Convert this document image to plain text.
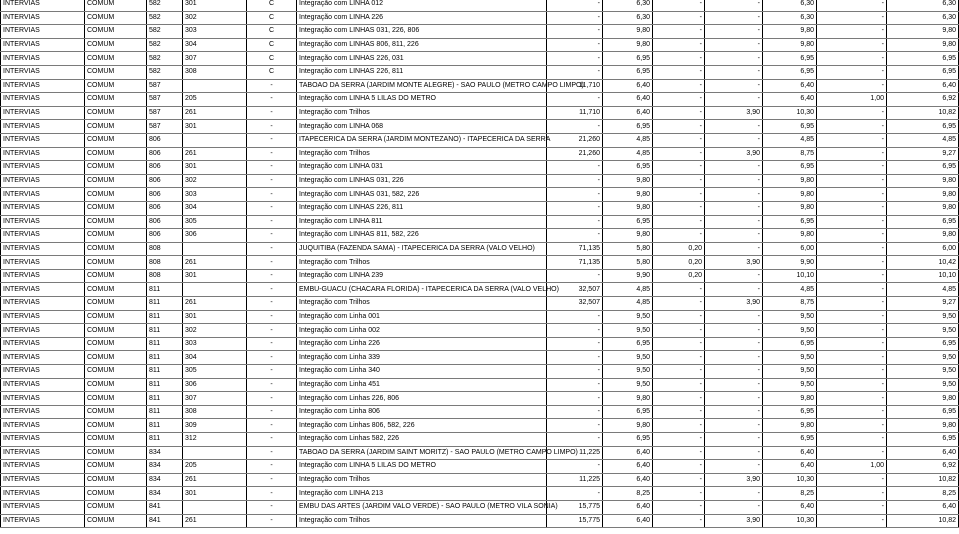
INTERVIAS	COMUM	582	301	C	Integração com LINHA 012	-	6,30	-	-	6,30	-	6,30
INTERVIAS	COMUM	582	302	C	Integração com LINHA 226	-	6,30	-	-	6,30	-	6,30
INTERVIAS	COMUM	582	303	C	Integração com LINHAS 031, 226, 806	-	9,80	-	-	9,80	-	9,80
INTERVIAS	COMUM	582	304	C	Integração com LINHAS 806, 811, 226	-	9,80	-	-	9,80	-	9,80
INTERVIAS	COMUM	582	307	C	Integração com LINHAS 226, 031	-	6,95	-	-	6,95	-	6,95
INTERVIAS	COMUM	582	308	C	Integração com LINHAS 226, 811	-	6,95	-	-	6,95	-	6,95
INTERVIAS	COMUM	587		-	TABOAO DA SERRA (JARDIM MONTE ALEGRE) - SAO PAULO (METRO CAMPO LIMPO)	11,710	6,40	-	-	6,40	-	6,40
INTERVIAS	COMUM	587	205	-	Integração com LINHA 5 LILAS DO METRO	-	6,40	-	-	6,40	1,00	6,92
INTERVIAS	COMUM	587	261	-	Integração com Trilhos	11,710	6,40	-	3,90	10,30	-	10,82
INTERVIAS	COMUM	587	301	-	Integração com LINHA 068	-	6,95	-	-	6,95	-	6,95
INTERVIAS	COMUM	806		-	ITAPECERICA DA SERRA (JARDIM MONTEZANO) - ITAPECERICA DA SERRA	21,260	4,85	-	-	4,85	-	4,85
INTERVIAS	COMUM	806	261	-	Integração com Trilhos	21,260	4,85	-	3,90	8,75	-	9,27
INTERVIAS	COMUM	806	301	-	Integração com LINHA 031	-	6,95	-	-	6,95	-	6,95
INTERVIAS	COMUM	806	302	-	Integração com LINHAS 031, 226	-	9,80	-	-	9,80	-	9,80
INTERVIAS	COMUM	806	303	-	Integração com LINHAS 031, 582, 226	-	9,80	-	-	9,80	-	9,80
INTERVIAS	COMUM	806	304	-	Integração com LINHAS 226, 811	-	9,80	-	-	9,80	-	9,80
INTERVIAS	COMUM	806	305	-	Integração com LINHA 811	-	6,95	-	-	6,95	-	6,95
INTERVIAS	COMUM	806	306	-	Integração com LINHAS 811, 582, 226	-	9,80	-	-	9,80	-	9,80
INTERVIAS	COMUM	808		-	JUQUITIBA (FAZENDA SAMA) - ITAPECERICA DA SERRA (VALO VELHO)	71,135	5,80	0,20	-	6,00	-	6,00
INTERVIAS	COMUM	808	261	-	Integração com Trilhos	71,135	5,80	0,20	3,90	9,90	-	10,42
INTERVIAS	COMUM	808	301	-	Integração com LINHA 239	-	9,90	0,20	-	10,10	-	10,10
INTERVIAS	COMUM	811		-	EMBU-GUACU (CHACARA FLORIDA) - ITAPECERICA DA SERRA (VALO VELHO)	32,507	4,85	-	-	4,85	-	4,85
INTERVIAS	COMUM	811	261	-	Integração com Trilhos	32,507	4,85	-	3,90	8,75	-	9,27
INTERVIAS	COMUM	811	301	-	Integração com Linha 001	-	9,50	-	-	9,50	-	9,50
INTERVIAS	COMUM	811	302	-	Integração com Linha 002	-	9,50	-	-	9,50	-	9,50
INTERVIAS	COMUM	811	303	-	Integração com Linha 226	-	6,95	-	-	6,95	-	6,95
INTERVIAS	COMUM	811	304	-	Integração com Linha 339	-	9,50	-	-	9,50	-	9,50
INTERVIAS	COMUM	811	305	-	Integração com Linha 340	-	9,50	-	-	9,50	-	9,50
INTERVIAS	COMUM	811	306	-	Integração com Linha 451	-	9,50	-	-	9,50	-	9,50
INTERVIAS	COMUM	811	307	-	Integração com Linhas 226, 806	-	9,80	-	-	9,80	-	9,80
INTERVIAS	COMUM	811	308	-	Integração com Linha 806	-	6,95	-	-	6,95	-	6,95
INTERVIAS	COMUM	811	309	-	Integração com Linhas 806, 582, 226	-	9,80	-	-	9,80	-	9,80
INTERVIAS	COMUM	811	312	-	Integração com Linhas 582, 226	-	6,95	-	-	6,95	-	6,95
INTERVIAS	COMUM	834		-	TABOAO DA SERRA (JARDIM SAINT MORITZ) - SAO PAULO (METRO CAMPO LIMPO)	11,225	6,40	-	-	6,40	-	6,40
INTERVIAS	COMUM	834	205	-	Integração com LINHA 5 LILAS DO METRO	-	6,40	-	-	6,40	1,00	6,92
INTERVIAS	COMUM	834	261	-	Integração com Trilhos	11,225	6,40	-	3,90	10,30	-	10,82
INTERVIAS	COMUM	834	301	-	Integração com LINHA 213	-	8,25	-	-	8,25	-	8,25
INTERVIAS	COMUM	841		-	EMBU DAS ARTES (JARDIM VALO VERDE) - SAO PAULO (METRO VILA SONIA)	15,775	6,40	-	-	6,40	-	6,40
INTERVIAS	COMUM	841	261	-	Integração com Trilhos	15,775	6,40	-	3,90	10,30	-	10,82
